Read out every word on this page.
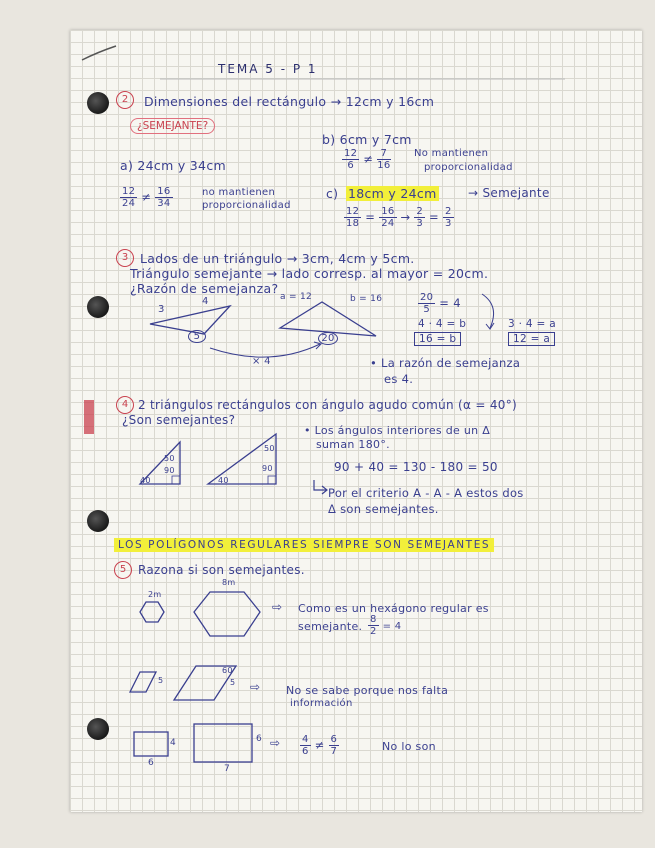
TEMA 5 - P 1
2	Dimensiones del rectángulo → 12cm y 16cm
¿SEMEJANTE?
b) 6cm y 7cm
$\frac{12}{6} \ne \frac{7}{16}$ No mantienen
proporcionalidad
a) 24cm y 34cm
$\frac{12}{24} \ne \frac{16}{34}$	no mantienen proporcionalidad
c) 18cm y 24cm	→ Semejante
$\frac{12}{18} = \frac{16}{24} \to \frac{2}{3} = \frac{2}{3}$
3 Lados de un triángulo → 3cm, 4cm y 5cm.
Triángulo semejante → lado corresp. al mayor = 20cm.
¿Razón de semejanza?
3
4
5
a = 12	b = 16
20
× 4
$\frac{20}{5} = 4$
4 · 4 = b
16 = b
3 · 4 = a
12 = a
• La razón de semejanza
es 4.
4 2 triángulos rectángulos con ángulo agudo común (α = 40°)
¿Son semejantes?
50
90
40
50
90
40
• Los ángulos interiores de un Δ
suman 180°.
90 + 40 = 130 - 180 = 50
Por el criterio A - A - A estos dos
Δ son semejantes.
LOS POLÍGONOS REGULARES SIEMPRE SON SEMEJANTES
5 Razona si son semejantes.
2m
8m
⇨ Como es un hexágono regular es
semejante. $\frac{8}{2} = 4$
5
60
5 ⇨ No se sabe porque nos falta
información
4
6
6
7
⇨ $\frac{4}{6} \ne \frac{6}{7}$	No lo son
